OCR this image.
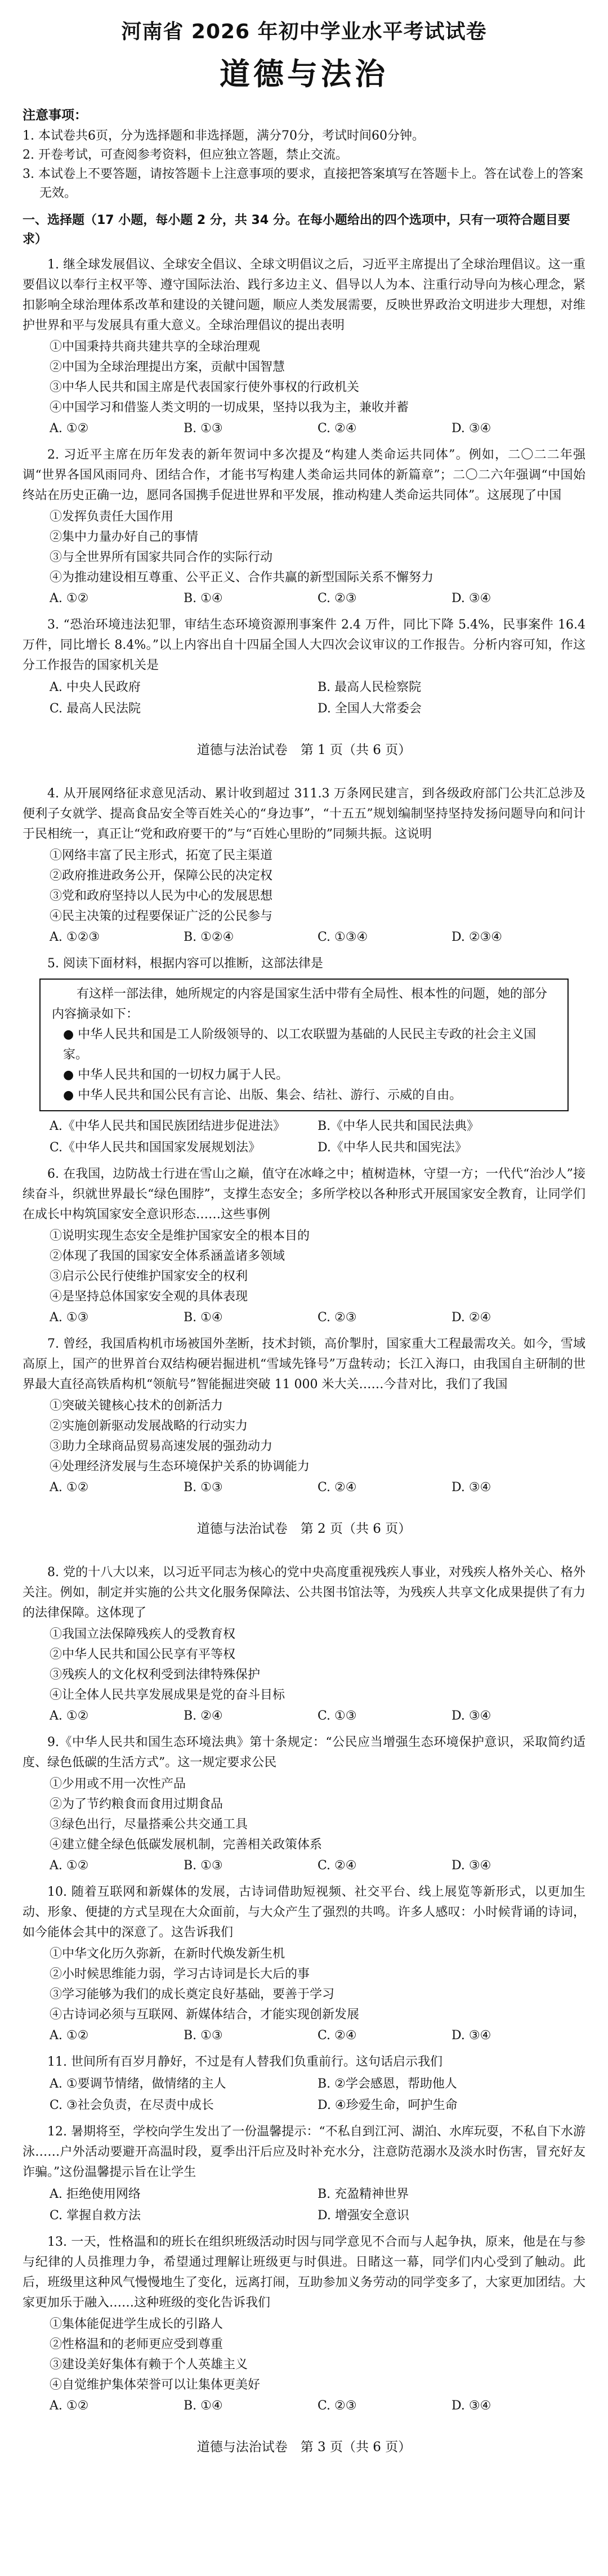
河南省 2026 年初中学业水平考试试卷
道德与法治
注意事项：

1. 本试卷共6页，分为选择题和非选择题，满分70分，考试时间60分钟。

2. 开卷考试，可查阅参考资料，但应独立答题，禁止交流。

3. 本试卷上不要答题，请按答题卡上注意事项的要求，直接把答案填写在答题卡上。答在试卷上的答案无效。

一、选择题（17 小题，每小题 2 分，共 34 分。在每小题给出的四个选项中，只有一项符合题目要求）

1. 继全球发展倡议、全球安全倡议、全球文明倡议之后，习近平主席提出了全球治理倡议。这一重要倡议以奉行主权平等、遵守国际法治、践行多边主义、倡导以人为本、注重行动导向为核心理念，紧扣影响全球治理体系改革和建设的关键问题，顺应人类发展需要，反映世界政治文明进步大理想，对维护世界和平与发展具有重大意义。全球治理倡议的提出表明

①中国秉持共商共建共享的全球治理观

②中国为全球治理提出方案，贡献中国智慧

③中华人民共和国主席是代表国家行使外事权的行政机关

④中国学习和借鉴人类文明的一切成果，坚持以我为主，兼收并蓄

A. ①②	B. ①③	C. ②④	D. ③④

2. 习近平主席在历年发表的新年贺词中多次提及“构建人类命运共同体”。例如，二〇二二年强调“世界各国风雨同舟、团结合作，才能书写构建人类命运共同体的新篇章”；二〇二六年强调“中国始终站在历史正确一边，愿同各国携手促进世界和平发展，推动构建人类命运共同体”。这展现了中国

①发挥负责任大国作用

②集中力量办好自己的事情

③与全世界所有国家共同合作的实际行动

④为推动建设相互尊重、公平正义、合作共赢的新型国际关系不懈努力

A. ①②	B. ①④	C. ②③	D. ③④

3. “恐治环境违法犯罪，审结生态环境资源刑事案件 2.4 万件，同比下降 5.4%，民事案件 16.4 万件，同比增长 8.4%。”以上内容出自十四届全国人大四次会议审议的工作报告。分析内容可知，作这分工作报告的国家机关是

A. 中央人民政府	B. 最高人民检察院
C. 最高人民法院	D. 全国人大常委会
道德与法治试卷　第 1 页（共 6 页）

4. 从开展网络征求意见活动、累计收到超过 311.3 万条网民建言，到各级政府部门公共汇总涉及便利子女就学、提高食品安全等百姓关心的“身边事”，“十五五”规划编制坚持坚持发扬问题导向和问计于民相统一，真正让“党和政府要干的”与“百姓心里盼的”同频共振。这说明

①网络丰富了民主形式，拓宽了民主渠道

②政府推进政务公开，保障公民的决定权

③党和政府坚持以人民为中心的发展思想

④民主决策的过程要保证广泛的公民参与

A. ①②③	B. ①②④	C. ①③④	D. ②③④

5. 阅读下面材料，根据内容可以推断，这部法律是

有这样一部法律，她所规定的内容是国家生活中带有全局性、根本性的问题，她的部分内容摘录如下：

● 中华人民共和国是工人阶级领导的、以工农联盟为基础的人民民主专政的社会主义国家。

● 中华人民共和国的一切权力属于人民。

● 中华人民共和国公民有言论、出版、集会、结社、游行、示威的自由。

A.《中华人民共和国民族团结进步促进法》	B.《中华人民共和国民法典》
C.《中华人民共和国国家发展规划法》	D.《中华人民共和国宪法》

6. 在我国，边防战士行进在雪山之巅，值守在冰峰之中；植树造林，守望一方；一代代“治沙人”接续奋斗，织就世界最长“绿色围脖”，支撑生态安全；多所学校以各种形式开展国家安全教育，让同学们在成长中构筑国家安全意识形态……这些事例

①说明实现生态安全是维护国家安全的根本目的

②体现了我国的国家安全体系涵盖诸多领域

③启示公民行使维护国家安全的权利

④是坚持总体国家安全观的具体表现

A. ①③	B. ①④	C. ②③	D. ②④

7. 曾经，我国盾构机市场被国外垄断，技术封锁，高价掣肘，国家重大工程最需攻关。如今，雪域高原上，国产的世界首台双结构硬岩掘进机“雪域先锋号”万盘转动；长江入海口，由我国自主研制的世界最大直径高铁盾构机“领航号”智能掘进突破 11 000 米大关……今昔对比，我们了我国

①突破关键核心技术的创新活力

②实施创新驱动发展战略的行动实力

③助力全球商品贸易高速发展的强劲动力

④处理经济发展与生态环境保护关系的协调能力

A. ①②	B. ①③	C. ②④	D. ③④
道德与法治试卷　第 2 页（共 6 页）

8. 党的十八大以来，以习近平同志为核心的党中央高度重视残疾人事业，对残疾人格外关心、格外关注。例如，制定并实施的公共文化服务保障法、公共图书馆法等，为残疾人共享文化成果提供了有力的法律保障。这体现了

①我国立法保障残疾人的受教育权

②中华人民共和国公民享有平等权

③残疾人的文化权利受到法律特殊保护

④让全体人民共享发展成果是党的奋斗目标

A. ①②	B. ②④	C. ①③	D. ③④

9.《中华人民共和国生态环境法典》第十条规定：“公民应当增强生态环境保护意识，采取简约适度、绿色低碳的生活方式”。这一规定要求公民

①少用或不用一次性产品

②为了节约粮食而食用过期食品

③绿色出行，尽量搭乘公共交通工具

④建立健全绿色低碳发展机制，完善相关政策体系

A. ①②	B. ①③	C. ②④	D. ③④

10. 随着互联网和新媒体的发展，古诗词借助短视频、社交平台、线上展览等新形式，以更加生动、形象、便捷的方式呈现在大众面前，与大众产生了强烈的共鸣。许多人感叹：小时候背诵的诗词，如今能体会其中的深意了。这告诉我们

①中华文化历久弥新，在新时代焕发新生机

②小时候思维能力弱，学习古诗词是长大后的事

③学习能够为我们的成长奠定良好基础，要善于学习

④古诗词必须与互联网、新媒体结合，才能实现创新发展

A. ①②	B. ①③	C. ②④	D. ③④

11. 世间所有百岁月静好，不过是有人替我们负重前行。这句话启示我们

A. ①要调节情绪，做情绪的主人	B. ②学会感恩，帮助他人
C. ③社会负责，在尽责中成长	D. ④珍爱生命，呵护生命

12. 暑期将至，学校向学生发出了一份温馨提示：“不私自到江河、湖泊、水库玩耍，不私自下水游泳……户外活动要避开高温时段，夏季出汗后应及时补充水分，注意防范溺水及淡水时伤害，冒充好友诈骗。”这份温馨提示旨在让学生

A. 拒绝使用网络	B. 充盈精神世界
C. 掌握自救方法	D. 增强安全意识

13. 一天，性格温和的班长在组织班级活动时因与同学意见不合而与人起争执，原来，他是在与参与纪律的人员推理力争，希望通过理解让班级更与时俱进。日睹这一幕，同学们内心受到了触动。此后，班级里这种风气慢慢地生了变化，远离打闹，互助参加义务劳动的同学变多了，大家更加团结。大家更加乐于融入……这种班级的变化告诉我们

①集体能促进学生成长的引路人

②性格温和的老师更应受到尊重

③建设美好集体有赖于个人英雄主义

④自觉维护集体荣誉可以让集体更美好

A. ①②	B. ①④	C. ②③	D. ③④
道德与法治试卷　第 3 页（共 6 页）
